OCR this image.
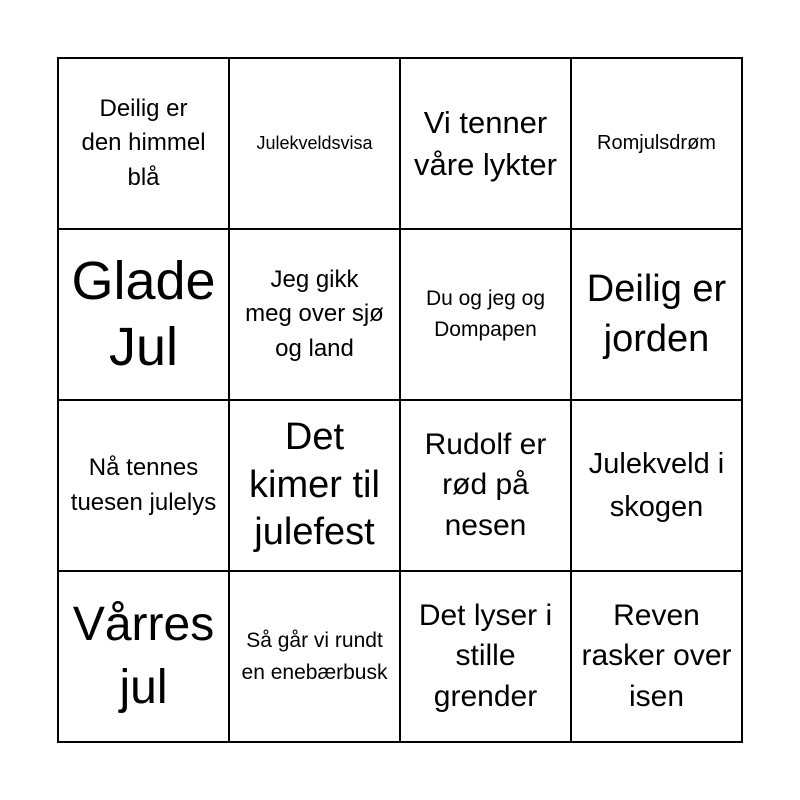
Deilig er den himmel blå
Julekveldsvisa
Vi tenner våre lykter
Romjulsdrøm
Glade Jul
Jeg gikk meg over sjø og land
Du og jeg og Dompapen
Deilig er jorden
Nå tennes tuesen julelys
Det kimer til julefest
Rudolf er rød på nesen
Julekveld i skogen
Vårres jul
Så går vi rundt en enebærbusk
Det lyser i stille grender
Reven rasker over isen
